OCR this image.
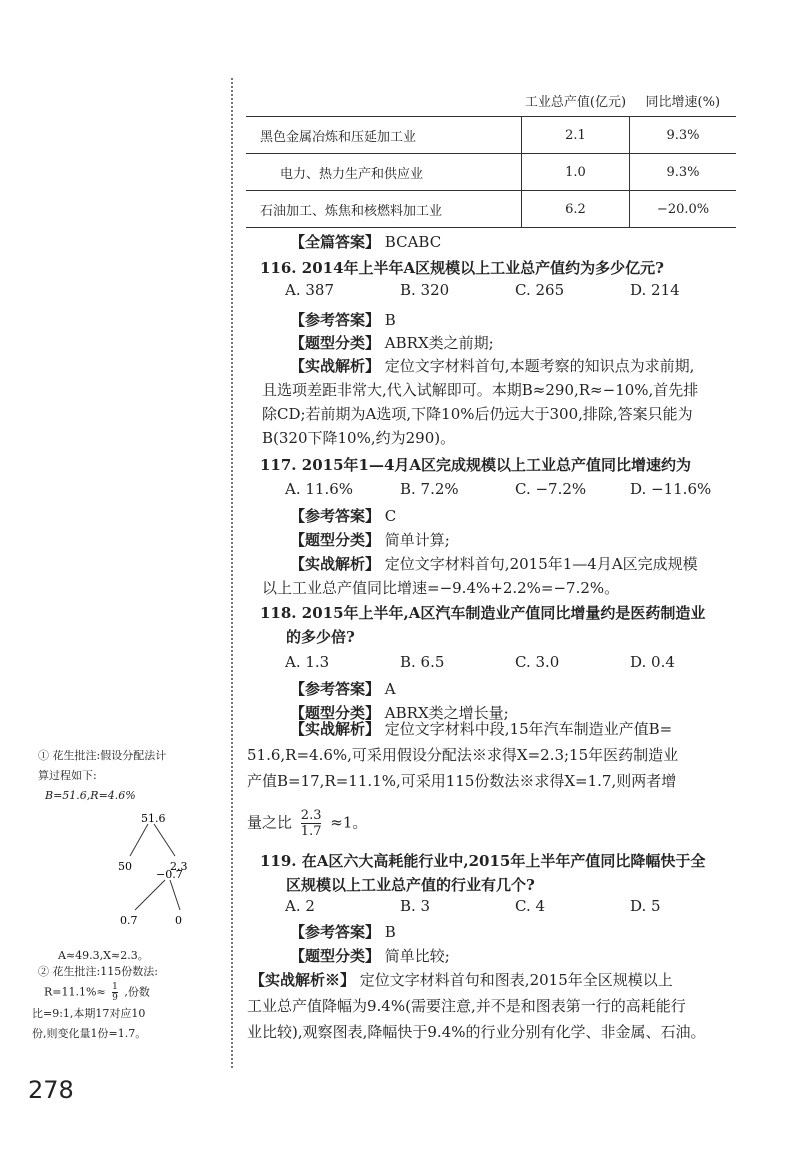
	工业总产值(亿元)	同比增速(%)
黑色金属冶炼和压延加工业	2.1	9.3%
电力、热力生产和供应业	1.0	9.3%
石油加工、炼焦和核燃料加工业	6.2	−20.0%
【全篇答案】 BCABC
116. 2014年上半年A区规模以上工业总产值约为多少亿元?
A. 387	B. 320	C. 265	D. 214
【参考答案】 B
【题型分类】 ABRX类之前期;
【实战解析】 定位文字材料首句,本题考察的知识点为求前期,
且选项差距非常大,代入试解即可。本期B≈290,R≈−10%,首先排
除CD;若前期为A选项,下降10%后仍远大于300,排除,答案只能为
B(320下降10%,约为290)。
117. 2015年1—4月A区完成规模以上工业总产值同比增速约为
A. 11.6%	B. 7.2%	C. −7.2%	D. −11.6%
【参考答案】 C
【题型分类】 简单计算;
【实战解析】 定位文字材料首句,2015年1—4月A区完成规模
以上工业总产值同比增速=−9.4%+2.2%=−7.2%。
118. 2015年上半年,A区汽车制造业产值同比增量约是医药制造业
的多少倍?
A. 1.3	B. 6.5	C. 3.0	D. 0.4
【参考答案】 A
【题型分类】 ABRX类之增长量;
【实战解析】 定位文字材料中段,15年汽车制造业产值B=
51.6,R=4.6%,可采用假设分配法※求得X=2.3;15年医药制造业
产值B=17,R=11.1%,可采用115份数法※求得X=1.7,则两者增
量之比 $\frac{2.3}{1.7} \approx 1$。
119. 在A区六大高耗能行业中,2015年上半年产值同比降幅快于全
区规模以上工业总产值的行业有几个?
A. 2	B. 3	C. 4	D. 5
【参考答案】 B
【题型分类】 简单比较;
【实战解析※】 定位文字材料首句和图表,2015年全区规模以上
工业总产值降幅为9.4%(需要注意,并不是和图表第一行的高耗能行
业比较),观察图表,降幅快于9.4%的行业分别有化学、非金属、石油。
① 花生批注:假设分配法计
算过程如下:
B=51.6,R=4.6%
51.6
50	2.3
−0.7
0.7	0
A≈49.3,X≈2.3。
② 花生批注:115份数法:
$R=11.1\%\approx \frac{1}{9}$ ,份数
比=9:1,本期17对应10
份,则变化量1份=1.7。
278
